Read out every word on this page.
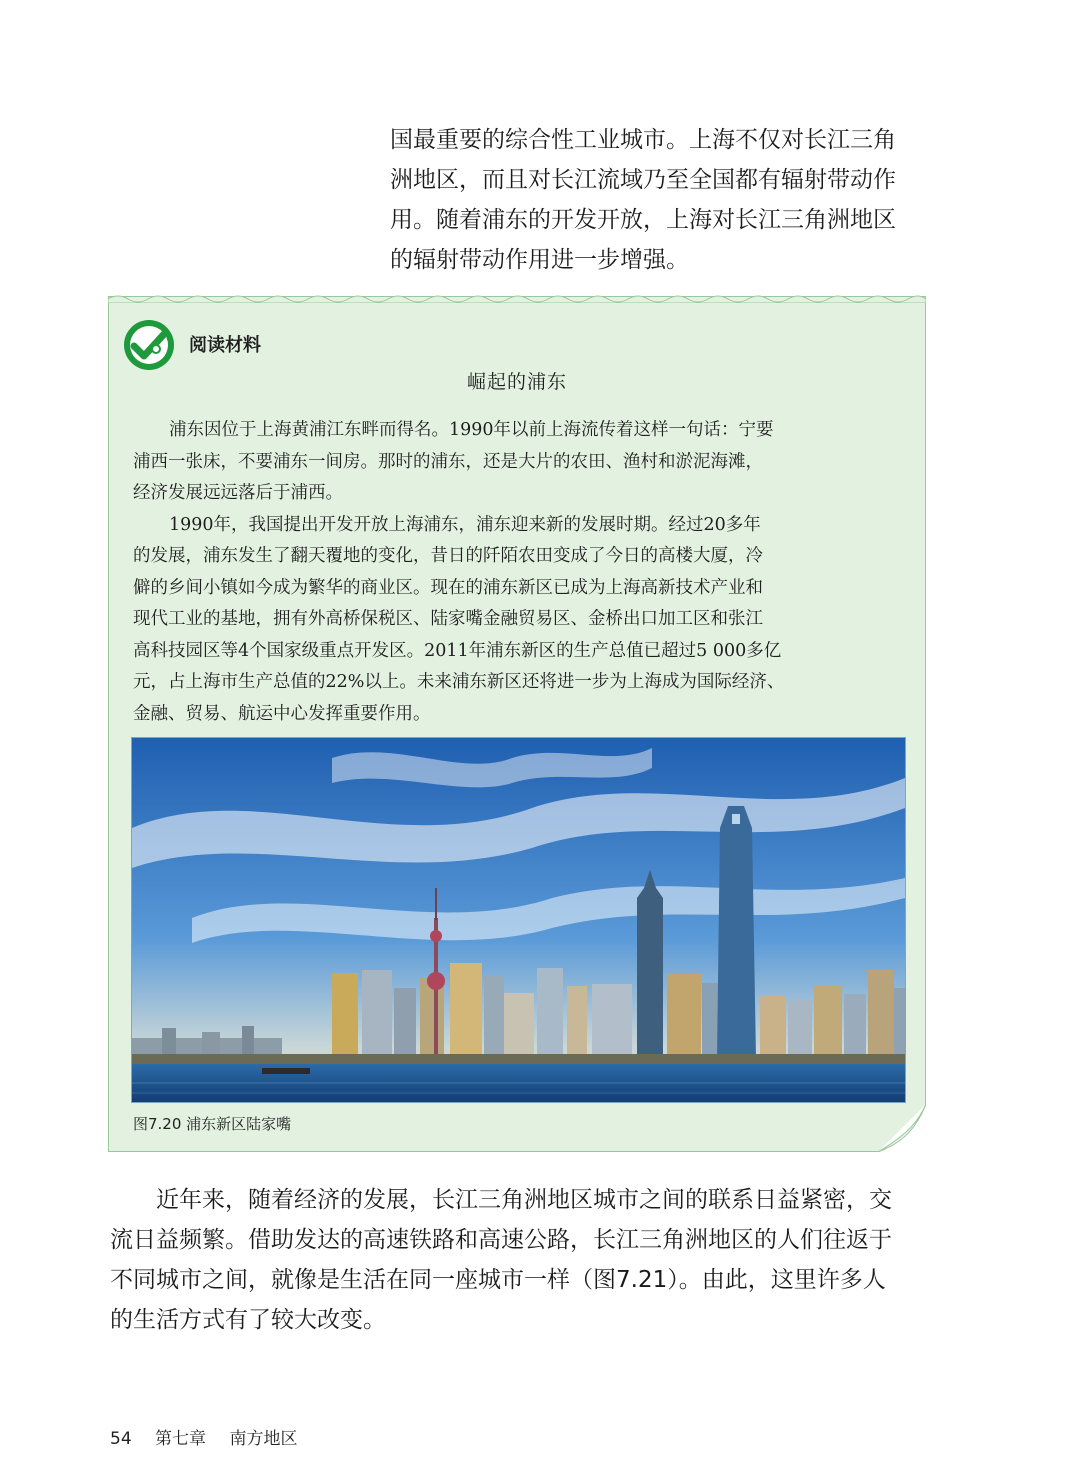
国最重要的综合性工业城市。上海不仅对长江三角
洲地区，而且对长江流域乃至全国都有辐射带动作
用。随着浦东的开发开放，上海对长江三角洲地区
的辐射带动作用进一步增强。
阅读材料
崛起的浦东
浦东因位于上海黄浦江东畔而得名。1990年以前上海流传着这样一句话：宁要
浦西一张床，不要浦东一间房。那时的浦东，还是大片的农田、渔村和淤泥海滩，
经济发展远远落后于浦西。
1990年，我国提出开发开放上海浦东，浦东迎来新的发展时期。经过20多年
的发展，浦东发生了翻天覆地的变化，昔日的阡陌农田变成了今日的高楼大厦，冷
僻的乡间小镇如今成为繁华的商业区。现在的浦东新区已成为上海高新技术产业和
现代工业的基地，拥有外高桥保税区、陆家嘴金融贸易区、金桥出口加工区和张江
高科技园区等4个国家级重点开发区。2011年浦东新区的生产总值已超过5 000多亿
元，占上海市生产总值的22%以上。未来浦东新区还将进一步为上海成为国际经济、
金融、贸易、航运中心发挥重要作用。
图7.20 浦东新区陆家嘴
近年来，随着经济的发展，长江三角洲地区城市之间的联系日益紧密，交
流日益频繁。借助发达的高速铁路和高速公路，长江三角洲地区的人们往返于
不同城市之间，就像是生活在同一座城市一样（图7.21）。由此，这里许多人
的生活方式有了较大改变。
54 第七章 南方地区
